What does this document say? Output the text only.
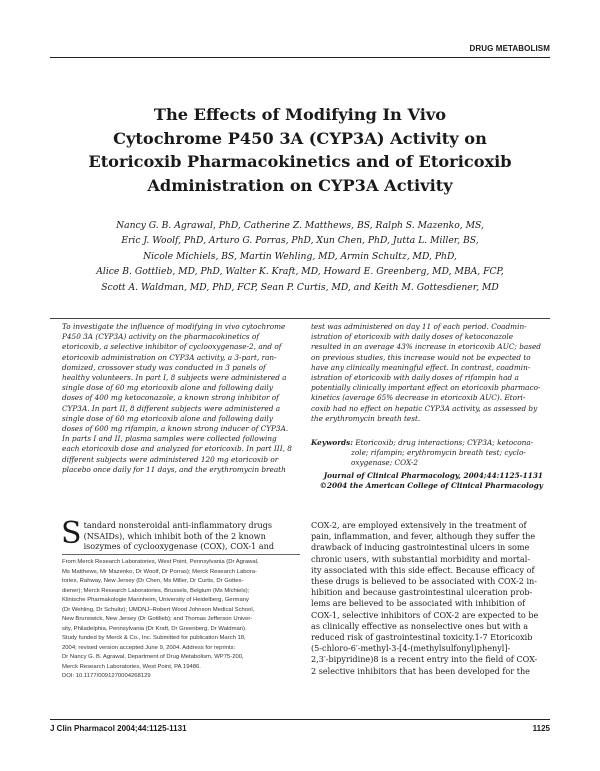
DRUG METABOLISM
The Effects of Modifying In Vivo
Cytochrome P450 3A (CYP3A) Activity on
Etoricoxib Pharmacokinetics and of Etoricoxib
Administration on CYP3A Activity
Nancy G. B. Agrawal, PhD, Catherine Z. Matthews, BS, Ralph S. Mazenko, MS,
Eric J. Woolf, PhD, Arturo G. Porras, PhD, Xun Chen, PhD, Jutta L. Miller, BS,
Nicole Michiels, BS, Martin Wehling, MD, Armin Schultz, MD, PhD,
Alice B. Gottlieb, MD, PhD, Walter K. Kraft, MD, Howard E. Greenberg, MD, MBA, FCP,
Scott A. Waldman, MD, PhD, FCP, Sean P. Curtis, MD, and Keith M. Gottesdiener, MD
To investigate the influence of modifying in vivo cytochrome
P450 3A (CYP3A) activity on the pharmacokinetics of
etoricoxib, a selective inhibitor of cyclooxygenase-2, and of
etoricoxib administration on CYP3A activity, a 3-part, ran-
domized, crossover study was conducted in 3 panels of
healthy volunteers. In part I, 8 subjects were administered a
single dose of 60 mg etoricoxib alone and following daily
doses of 400 mg ketoconazole, a known strong inhibitor of
CYP3A. In part II, 8 different subjects were administered a
single dose of 60 mg etoricoxib alone and following daily
doses of 600 mg rifampin, a known strong inducer of CYP3A.
In parts I and II, plasma samples were collected following
each etoricoxib dose and analyzed for etoricoxib. In part III, 8
different subjects were administered 120 mg etoricoxib or
placebo once daily for 11 days, and the erythromycin breath
test was administered on day 11 of each period. Coadmin-
istration of etoricoxib with daily doses of ketoconazole
resulted in an average 43% increase in etoricoxib AUC; based
on previous studies, this increase would not be expected to
have any clinically meaningful effect. In contrast, coadmin-
istration of etoricoxib with daily doses of rifampin had a
potentially clinically important effect on etoricoxib pharmaco-
kinetics (average 65% decrease in etoricoxib AUC). Etori-
coxib had no effect on hepatic CYP3A activity, as assessed by
the erythromycin breath test.
Keywords: Etoricoxib; drug interactions; CYP3A; ketocona-
zole; rifampin; erythromycin breath test; cyclo-
oxygenase; COX-2
Journal of Clinical Pharmacology, 2004;44:1125-1131
©2004 the American College of Clinical Pharmacology
S tandard nonsteroidal anti-inflammatory drugs
(NSAIDs), which inhibit both of the 2 known
isozymes of cyclooxygenase (COX), COX-1 and
From Merck Research Laboratories, West Point, Pennsylvania (Dr Agrawal,
Ms Matthews, Mr Mazenko, Dr Woolf, Dr Porras); Merck Research Labora-
tories, Rahway, New Jersey (Dr Chen, Ms Miller, Dr Curtis, Dr Gottes-
diener); Merck Research Laboratories, Brussels, Belgium (Ms Michiels);
Klinische Pharmakologie Mannheim, University of Heidelberg, Germany
(Dr Wehling, Dr Schultz); UMDNJ–Robert Wood Johnson Medical School,
New Brunswick, New Jersey (Dr Gottlieb); and Thomas Jefferson Univer-
sity, Philadelphia, Pennsylvania (Dr Kraft, Dr Greenberg, Dr Waldman).
Study funded by Merck & Co., Inc. Submitted for publication March 18,
2004; revised version accepted June 9, 2004. Address for reprints:
Dr Nancy G. B. Agrawal, Department of Drug Metabolism, WP75-200,
Merck Research Laboratories, West Point, PA 19486.
DOI: 10.1177/0091270004268129
COX-2, are employed extensively in the treatment of
pain, inflammation, and fever, although they suffer the
drawback of inducing gastrointestinal ulcers in some
chronic users, with substantial morbidity and mortal-
ity associated with this side effect. Because efficacy of
these drugs is believed to be associated with COX-2 in-
hibition and because gastrointestinal ulceration prob-
lems are believed to be associated with inhibition of
COX-1, selective inhibitors of COX-2 are expected to be
as clinically effective as nonselective ones but with a
reduced risk of gastrointestinal toxicity.1-7 Etoricoxib
(5-chloro-6′-methyl-3-[4-(methylsulfonyl)phenyl]-
2,3′-bipyridine)8 is a recent entry into the field of COX-
2 selective inhibitors that has been developed for the
J Clin Pharmacol 2004;44:1125-1131	1125
